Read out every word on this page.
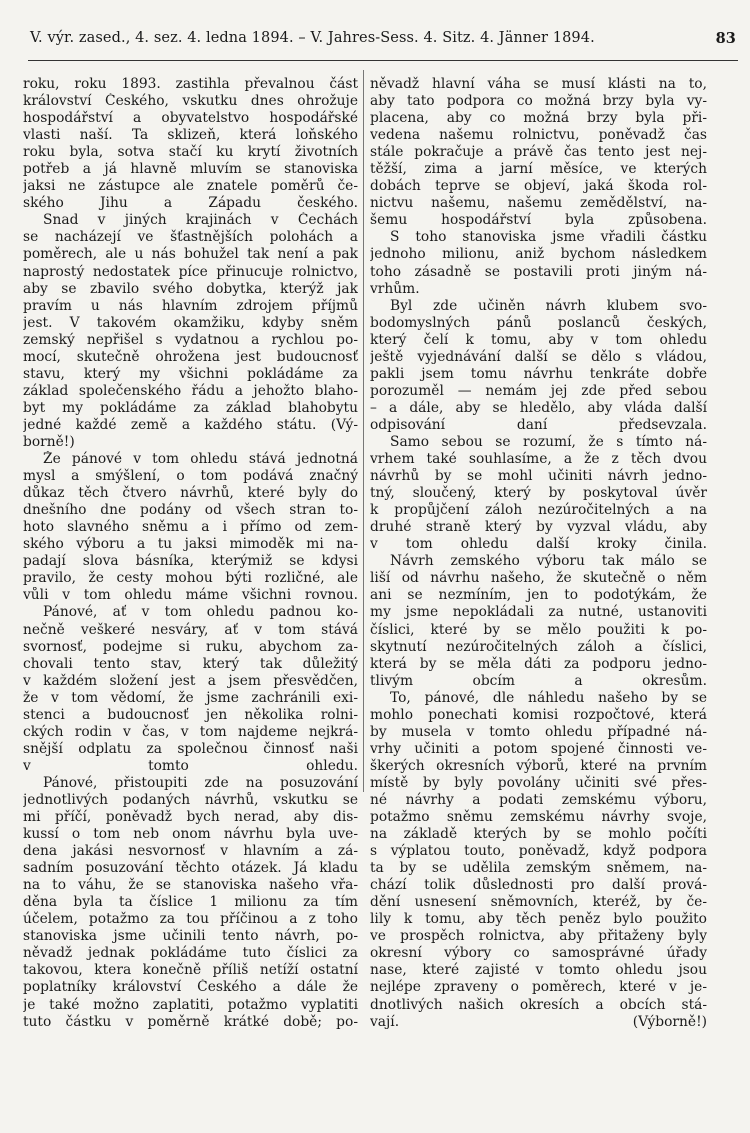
V. výr. zased., 4. sez. 4. ledna 1894. – V. Jahres-Sess. 4. Sitz. 4. Jänner 1894.	83
roku, roku 1893. zastihla převalnou část
království Českého, vskutku dnes ohrožuje
hospodářství a obyvatelstvo hospodářské
vlasti naší. Ta sklizeň, která loňského
roku byla, sotva stačí ku krytí životních
potřeb a já hlavně mluvím se stanoviska
jaksi ne zástupce ale znatele poměrů če-
ského Jihu a Západu českého.
Snad v jiných krajinách v Čechách
se nacházejí ve šťastnějších polohách a
poměrech, ale u nás bohužel tak není a pak
naprostý nedostatek píce přinucuje rolnictvo,
aby se zbavilo svého dobytka, kterýž jak
pravím u nás hlavním zdrojem příjmů
jest. V takovém okamžiku, kdyby sněm
zemský nepřišel s vydatnou a rychlou po-
mocí, skutečně ohrožena jest budoucnosť
stavu, který my všichni pokládáme za
základ společenského řádu a jehožto blaho-
byt my pokládáme za základ blahobytu
jedné každé země a každého státu. (Vý-
borně!)
Že pánové v tom ohledu stává jednotná
mysl a smýšlení, o tom podává značný
důkaz těch čtvero návrhů, které byly do
dnešního dne podány od všech stran to-
hoto slavného sněmu a i přímo od zem-
ského výboru a tu jaksi mimoděk mi na-
padají slova básníka, kterýmiž se kdysi
pravilo, že cesty mohou býti rozličné, ale
vůli v tom ohledu máme všichni rovnou.
Pánové, ať v tom ohledu padnou ko-
nečně veškeré nesváry, ať v tom stává
svornosť, podejme si ruku, abychom za-
chovali tento stav, který tak důležitý
v každém složení jest a jsem přesvědčen,
že v tom vědomí, že jsme zachránili exi-
stenci a budoucnosť jen několika rolni-
ckých rodin v čas, v tom najdeme nejkrá-
snější odplatu za společnou činnosť naši
v tomto ohledu.
Pánové, přistoupiti zde na posuzování
jednotlivých podaných návrhů, vskutku se
mi příčí, poněvadž bych nerad, aby dis-
kussí o tom neb onom návrhu byla uve-
dena jakási nesvornosť v hlavním a zá-
sadním posuzování těchto otázek. Já kladu
na to váhu, že se stanoviska našeho vřa-
děna byla ta číslice 1 milionu za tím
účelem, potažmo za tou příčinou a z toho
stanoviska jsme učinili tento návrh, po-
něvadž jednak pokládáme tuto číslici za
takovou, ktera konečně příliš netíží ostatní
poplatníky království Českého a dále že
je také možno zaplatiti, potažmo vyplatiti
tuto částku v poměrně krátké době; po-
něvadž hlavní váha se musí klásti na to,
aby tato podpora co možná brzy byla vy-
placena, aby co možná brzy byla při-
vedena našemu rolnictvu, poněvadž čas
stále pokračuje a právě čas tento jest nej-
těžší, zima a jarní měsíce, ve kterých
dobách teprve se objeví, jaká škoda rol-
nictvu našemu, našemu zemědělství, na-
šemu hospodářství byla způsobena.
S toho stanoviska jsme vřadili částku
jednoho milionu, aniž bychom následkem
toho zásadně se postavili proti jiným ná-
vrhům.
Byl zde učiněn návrh klubem svo-
bodomyslných pánů poslanců českých,
který čelí k tomu, aby v tom ohledu
ještě vyjednávání další se dělo s vládou,
pakli jsem tomu návrhu tenkráte dobře
porozuměl — nemám jej zde před sebou
– a dále, aby se hledělo, aby vláda další
odpisování daní předsevzala.
Samo sebou se rozumí, že s tímto ná-
vrhem také souhlasíme, a že z těch dvou
návrhů by se mohl učiniti návrh jedno-
tný, sloučený, který by poskytoval úvěr
k propůjčení záloh nezúročitelných a na
druhé straně který by vyzval vládu, aby
v tom ohledu další kroky činila.
Návrh zemského výboru tak málo se
liší od návrhu našeho, že skutečně o něm
ani se nezmíním, jen to podotýkám, že
my jsme nepokládali za nutné, ustanoviti
číslici, které by se mělo použiti k po-
skytnutí nezúročitelných záloh a číslici,
která by se měla dáti za podporu jedno-
tlivým obcím a okresům.
To, pánové, dle náhledu našeho by se
mohlo ponechati komisi rozpočtové, která
by musela v tomto ohledu případné ná-
vrhy učiniti a potom spojené činnosti ve-
škerých okresních výborů, které na prvním
místě by byly povolány učiniti své přes-
né návrhy a podati zemskému výboru,
potažmo sněmu zemskému návrhy svoje,
na základě kterých by se mohlo počíti
s výplatou touto, poněvadž, když podpora
ta by se udělila zemským sněmem, na-
chází tolik důslednosti pro další prová-
dění usnesení sněmovních, kteréž, by če-
lily k tomu, aby těch peněz bylo použito
ve prospěch rolnictva, aby přitaženy byly
okresní výbory co samosprávné úřady
nase, které zajisté v tomto ohledu jsou
nejlépe zpraveny o poměrech, které v je-
dnotlivých našich okresích a obcích stá-
vají. (Výborně!)
